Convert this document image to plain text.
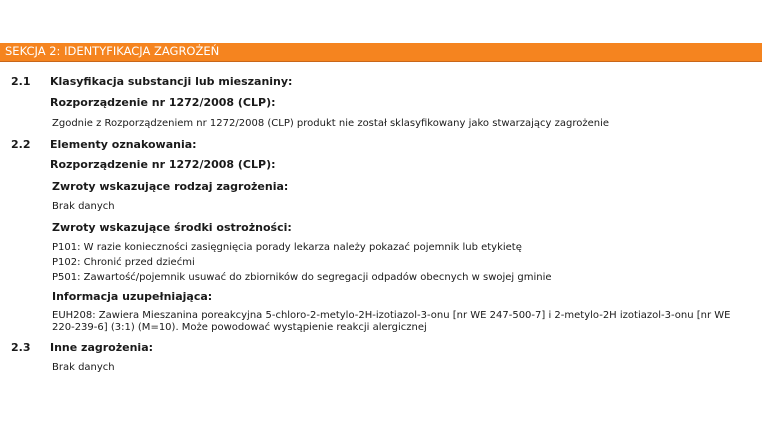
SEKCJA 2: IDENTYFIKACJA ZAGROŻEŃ
2.1 Klasyfikacja substancji lub mieszaniny:
Rozporządzenie nr 1272/2008 (CLP):
Zgodnie z Rozporządzeniem nr 1272/2008 (CLP) produkt nie został sklasyfikowany jako stwarzający zagrożenie
2.2 Elementy oznakowania:
Rozporządzenie nr 1272/2008 (CLP):
Zwroty wskazujące rodzaj zagrożenia:
Brak danych
Zwroty wskazujące środki ostrożności:
P101: W razie konieczności zasięgnięcia porady lekarza należy pokazać pojemnik lub etykietę
P102: Chronić przed dziećmi
P501: Zawartość/pojemnik usuwać do zbiorników do segregacji odpadów obecnych w swojej gminie
Informacja uzupełniająca:
EUH208: Zawiera Mieszanina poreakcyjna 5-chloro-2-metylo-2H-izotiazol-3-onu [nr WE 247-500-7] i 2-metylo-2H izotiazol-3-onu [nr WE 220-239-6] (3:1) (M=10). Może powodować wystąpienie reakcji alergicznej
2.3 Inne zagrożenia:
Brak danych
